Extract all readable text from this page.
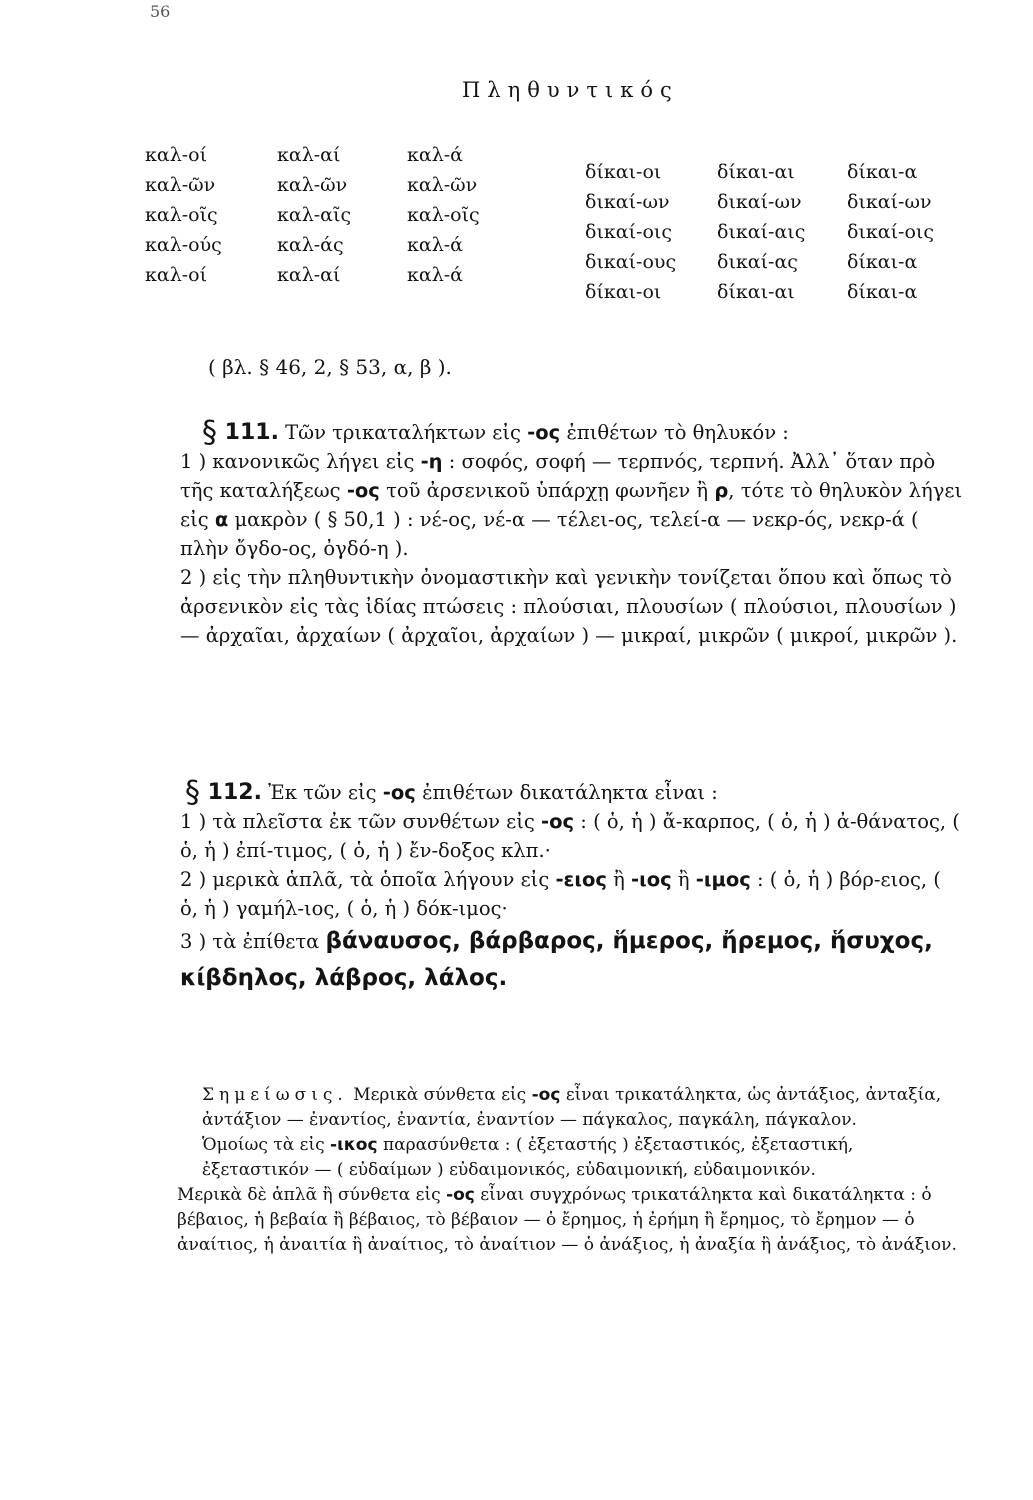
56
Πληθυντικός
καλ-οί
καλ-ῶν
καλ-οῖς
καλ-ούς
καλ-οί
καλ-αί
καλ-ῶν
καλ-αῖς
καλ-άς
καλ-αί
καλ-ά
καλ-ῶν
καλ-οῖς
καλ-ά
καλ-ά
δίκαι-οι
δικαί-ων
δικαί-οις
δικαί-ους
δίκαι-οι
δίκαι-αι
δικαί-ων
δικαί-αις
δικαί-ας
δίκαι-αι
δίκαι-α
δικαί-ων
δικαί-οις
δίκαι-α
δίκαι-α
( βλ. § 46, 2, § 53, α, β ).

§ 111. Τῶν τρικαταλήκτων εἰς -ος ἐπιθέτων τὸ θηλυκόν :

1 ) κανονικῶς λήγει εἰς -η : σοφός, σοφή — τερπνός, τερπνή. Ἀλλ᾽ ὅταν πρὸ τῆς καταλήξεως -ος τοῦ ἀρσενικοῦ ὑπάρχῃ φωνῆεν ἢ ρ, τότε τὸ θηλυκὸν λήγει εἰς α μακρὸν ( § 50,1 ) : νέ-ος, νέ-α — τέλει-ος, τελεί-α — νεκρ-ός, νεκρ-ά ( πλὴν ὄγδο-ος, ὀγδό-η ).

2 ) εἰς τὴν πληθυντικὴν ὀνομαστικὴν καὶ γενικὴν τονίζεται ὅπου καὶ ὅπως τὸ ἀρσενικὸν εἰς τὰς ἰδίας πτώσεις : πλούσιαι, πλουσίων ( πλούσιοι, πλουσίων ) — ἀρχαῖαι, ἀρχαίων ( ἀρχαῖοι, ἀρχαίων ) — μικραί, μικρῶν ( μικροί, μικρῶν ).

§ 112. Ἐκ τῶν εἰς -ος ἐπιθέτων δικατάληκτα εἶναι :

1 ) τὰ πλεῖστα ἐκ τῶν συνθέτων εἰς -ος : ( ὁ, ἡ ) ἄ-καρπος, ( ὁ, ἡ ) ἀ-θάνατος, ( ὁ, ἡ ) ἐπί-τιμος, ( ὁ, ἡ ) ἔν-δοξος κλπ.·

2 ) μερικὰ ἁπλᾶ, τὰ ὁποῖα λήγουν εἰς -ειος ἢ -ιος ἢ -ιμος : ( ὁ, ἡ ) βόρ-ειος, ( ὁ, ἡ ) γαμήλ-ιος, ( ὁ, ἡ ) δόκ-ιμος·

3 ) τὰ ἐπίθετα βάναυσος, βάρβαρος, ἥμερος, ἤρεμος, ἥσυχος, κίβδηλος, λάβρος, λάλος.

Σημείωσις. Μερικὰ σύνθετα εἰς -ος εἶναι τρικατάληκτα, ὡς ἀντάξιος, ἀνταξία, ἀντάξιον — ἐναντίος, ἐναντία, ἐναντίον — πάγκαλος, παγκάλη, πάγκαλον.

Ὁμοίως τὰ εἰς -ικος παρασύνθετα : ( ἐξεταστής ) ἐξεταστικός, ἐξεταστική, ἐξεταστικόν — ( εὐδαίμων ) εὐδαιμονικός, εὐδαιμονική, εὐδαιμονικόν.

Μερικὰ δὲ ἁπλᾶ ἢ σύνθετα εἰς -ος εἶναι συγχρόνως τρικατάληκτα καὶ δικατάληκτα : ὁ βέβαιος, ἡ βεβαία ἢ βέβαιος, τὸ βέβαιον — ὁ ἔρημος, ἡ ἐρήμη ἢ ἔρημος, τὸ ἔρημον — ὁ ἀναίτιος, ἡ ἀναιτία ἢ ἀναίτιος, τὸ ἀναίτιον — ὁ ἀνάξιος, ἡ ἀναξία ἢ ἀνάξιος, τὸ ἀνάξιον.
